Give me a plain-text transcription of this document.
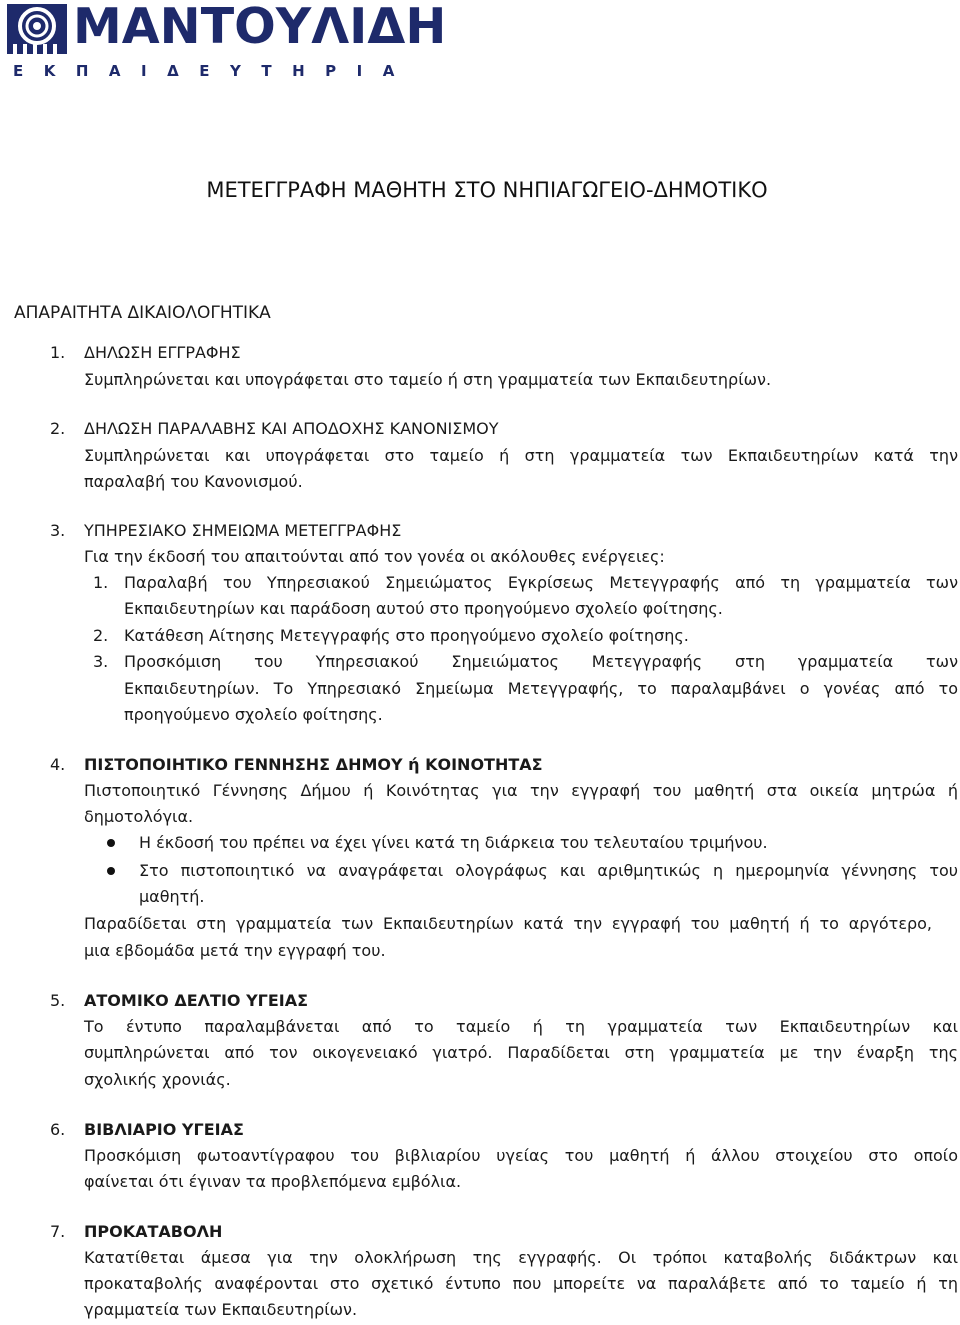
ΜΑΝΤΟΥΛΙΔΗ
ΕΚΠΑΙΔΕΥΤΗΡΙΑ
ΜΕΤΕΓΓΡΑΦΗ ΜΑΘΗΤΗ ΣΤΟ ΝΗΠΙΑΓΩΓΕΙΟ-ΔΗΜΟΤΙΚΟ
ΑΠΑΡΑΙΤΗΤΑ ΔΙΚΑΙΟΛΟΓΗΤΙΚΑ
1. ΔΗΛΩΣΗ ΕΓΓΡΑΦΗΣ
Συμπληρώνεται και υπογράφεται στο ταμείο ή στη γραμματεία των Εκπαιδευτηρίων.
2. ΔΗΛΩΣΗ ΠΑΡΑΛΑΒΗΣ ΚΑΙ ΑΠΟΔΟΧΗΣ ΚΑΝΟΝΙΣΜΟΥ
Συμπληρώνεται και υπογράφεται στο ταμείο ή στη γραμματεία των Εκπαιδευτηρίων κατά την
παραλαβή του Κανονισμού.
3. ΥΠΗΡΕΣΙΑΚΟ ΣΗΜΕΙΩΜΑ ΜΕΤΕΓΓΡΑΦΗΣ
Για την έκδοσή του απαιτούνται από τον γονέα οι ακόλουθες ενέργειες:
1. Παραλαβή του Υπηρεσιακού Σημειώματος Εγκρίσεως Μετεγγραφής από τη γραμματεία των
Εκπαιδευτηρίων και παράδοση αυτού στο προηγούμενο σχολείο φοίτησης.
2. Κατάθεση Αίτησης Μετεγγραφής στο προηγούμενο σχολείο φοίτησης.
3. Προσκόμιση του Υπηρεσιακού Σημειώματος Μετεγγραφής στη γραμματεία των
Εκπαιδευτηρίων. Το Υπηρεσιακό Σημείωμα Μετεγγραφής, το παραλαμβάνει ο γονέας από το
προηγούμενο σχολείο φοίτησης.
4. ΠΙΣΤΟΠΟΙΗΤΙΚΟ ΓΕΝΝΗΣΗΣ ΔΗΜΟΥ ή ΚΟΙΝΟΤΗΤΑΣ
Πιστοποιητικό Γέννησης Δήμου ή Κοινότητας για την εγγραφή του μαθητή στα οικεία μητρώα ή
δημοτολόγια.
Η έκδοσή του πρέπει να έχει γίνει κατά τη διάρκεια του τελευταίου τριμήνου.
Στο πιστοποιητικό να αναγράφεται ολογράφως και αριθμητικώς η ημερομηνία γέννησης του
μαθητή.
Παραδίδεται στη γραμματεία των Εκπαιδευτηρίων κατά την εγγραφή του μαθητή ή το αργότερο,
μια εβδομάδα μετά την εγγραφή του.
5. ΑΤΟΜΙΚΟ ΔΕΛΤΙΟ ΥΓΕΙΑΣ
Το έντυπο παραλαμβάνεται από το ταμείο ή τη γραμματεία των Εκπαιδευτηρίων και
συμπληρώνεται από τον οικογενειακό γιατρό. Παραδίδεται στη γραμματεία με την έναρξη της
σχολικής χρονιάς.
6. ΒΙΒΛΙΑΡΙΟ ΥΓΕΙΑΣ
Προσκόμιση φωτοαντίγραφου του βιβλιαρίου υγείας του μαθητή ή άλλου στοιχείου στο οποίο
φαίνεται ότι έγιναν τα προβλεπόμενα εμβόλια.
7. ΠΡΟΚΑΤΑΒΟΛΗ
Κατατίθεται άμεσα για την ολοκλήρωση της εγγραφής. Οι τρόποι καταβολής διδάκτρων και
προκαταβολής αναφέρονται στο σχετικό έντυπο που μπορείτε να παραλάβετε από το ταμείο ή τη
γραμματεία των Εκπαιδευτηρίων.
